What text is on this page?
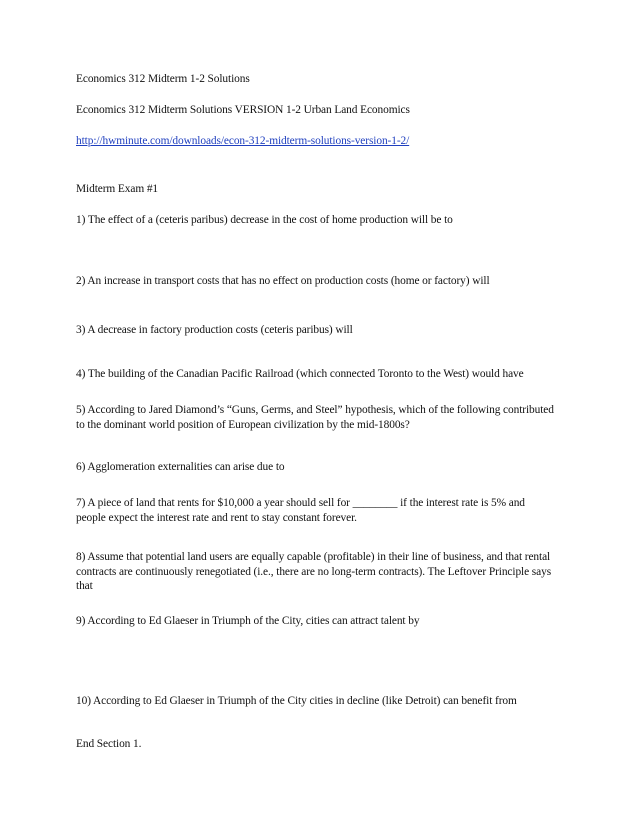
Economics 312 Midterm 1-2 Solutions
Economics 312 Midterm Solutions VERSION 1-2 Urban Land Economics
http://hwminute.com/downloads/econ-312-midterm-solutions-version-1-2/
Midterm Exam #1
1) The effect of a (ceteris paribus) decrease in the cost of home production will be to
2) An increase in transport costs that has no effect on production costs (home or factory) will
3) A decrease in factory production costs (ceteris paribus) will
4) The building of the Canadian Pacific Railroad (which connected Toronto to the West) would have
5) According to Jared Diamond’s “Guns, Germs, and Steel” hypothesis, which of the following contributed to the dominant world position of European civilization by the mid-1800s?
6) Agglomeration externalities can arise due to
7) A piece of land that rents for $10,000 a year should sell for ________ if the interest rate is 5% and people expect the interest rate and rent to stay constant forever.
8) Assume that potential land users are equally capable (profitable) in their line of business, and that rental contracts are continuously renegotiated (i.e., there are no long-term contracts). The Leftover Principle says that
9) According to Ed Glaeser in Triumph of the City, cities can attract talent by
10) According to Ed Glaeser in Triumph of the City cities in decline (like Detroit) can benefit from
End Section 1.
